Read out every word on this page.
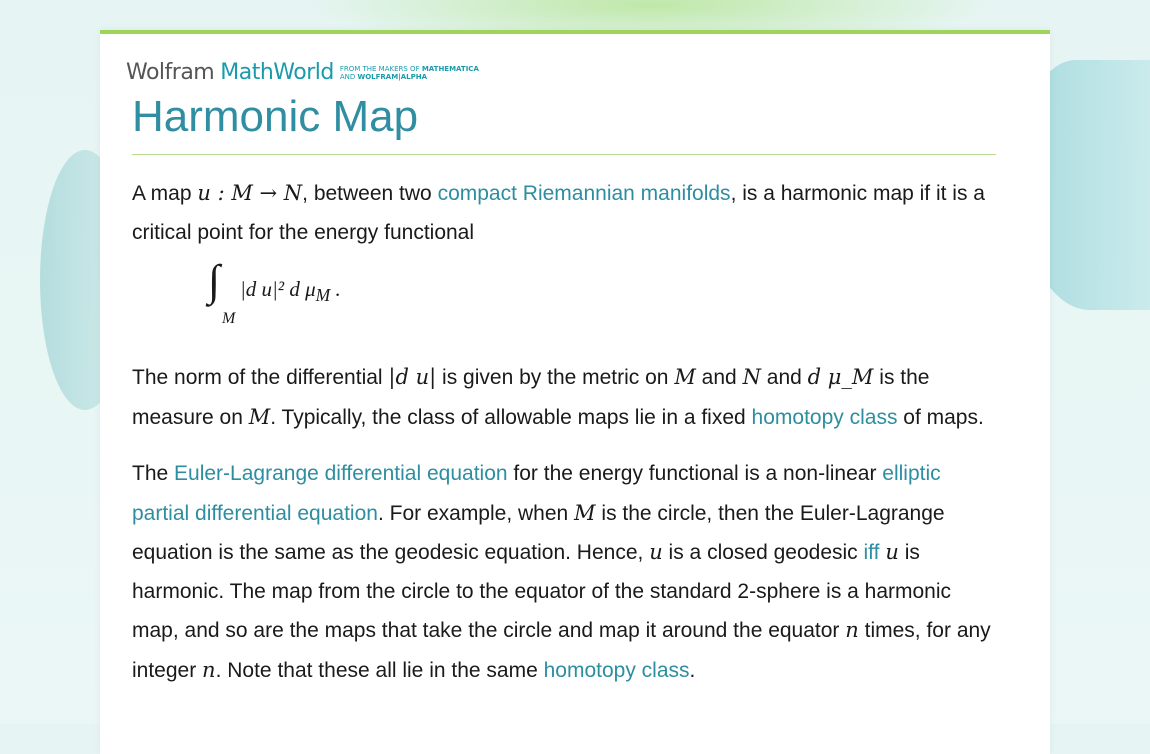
Wolfram MathWorld FROM THE MAKERS OF MATHEMATICA
AND WOLFRAM|ALPHA
Harmonic Map

A map u : M → N, between two compact Riemannian manifolds, is a harmonic map if it is a critical point for the energy functional

∫
M
|d u|² d $\mu_M$ .

The norm of the differential |d u| is given by the metric on M and N and d μ_M is the measure on M. Typically, the class of allowable maps lie in a fixed homotopy class of maps.

The Euler-Lagrange differential equation for the energy functional is a non-linear elliptic partial differential equation. For example, when M is the circle, then the Euler-Lagrange equation is the same as the geodesic equation. Hence, u is a closed geodesic iff u is harmonic. The map from the circle to the equator of the standard 2-sphere is a harmonic map, and so are the maps that take the circle and map it around the equator n times, for any integer n. Note that these all lie in the same homotopy class.
